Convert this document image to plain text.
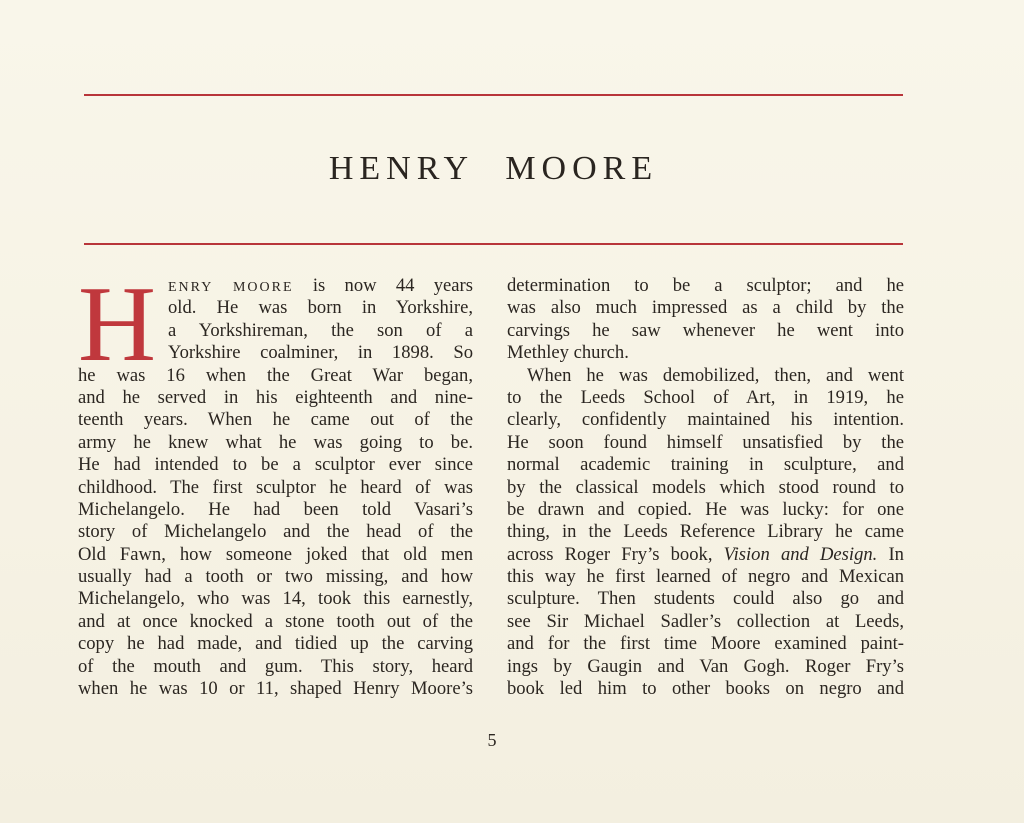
HENRY MOORE
H ENRY MOORE is now 44 years
old. He was born in Yorkshire,
a Yorkshireman, the son of a
Yorkshire coalminer, in 1898. So
he was 16 when the Great War began,
and he served in his eighteenth and nine-
teenth years. When he came out of the
army he knew what he was going to be.
He had intended to be a sculptor ever since
childhood. The first sculptor he heard of was
Michelangelo. He had been told Vasari’s
story of Michelangelo and the head of the
Old Fawn, how someone joked that old men
usually had a tooth or two missing, and how
Michelangelo, who was 14, took this earnestly,
and at once knocked a stone tooth out of the
copy he had made, and tidied up the carving
of the mouth and gum. This story, heard
when he was 10 or 11, shaped Henry Moore’s
determination to be a sculptor; and he
was also much impressed as a child by the
carvings he saw whenever he went into
Methley church.
When he was demobilized, then, and went
to the Leeds School of Art, in 1919, he
clearly, confidently maintained his intention.
He soon found himself unsatisfied by the
normal academic training in sculpture, and
by the classical models which stood round to
be drawn and copied. He was lucky: for one
thing, in the Leeds Reference Library he came
across Roger Fry’s book, Vision and Design. In
this way he first learned of negro and Mexican
sculpture. Then students could also go and
see Sir Michael Sadler’s collection at Leeds,
and for the first time Moore examined paint-
ings by Gaugin and Van Gogh. Roger Fry’s
book led him to other books on negro and
5
